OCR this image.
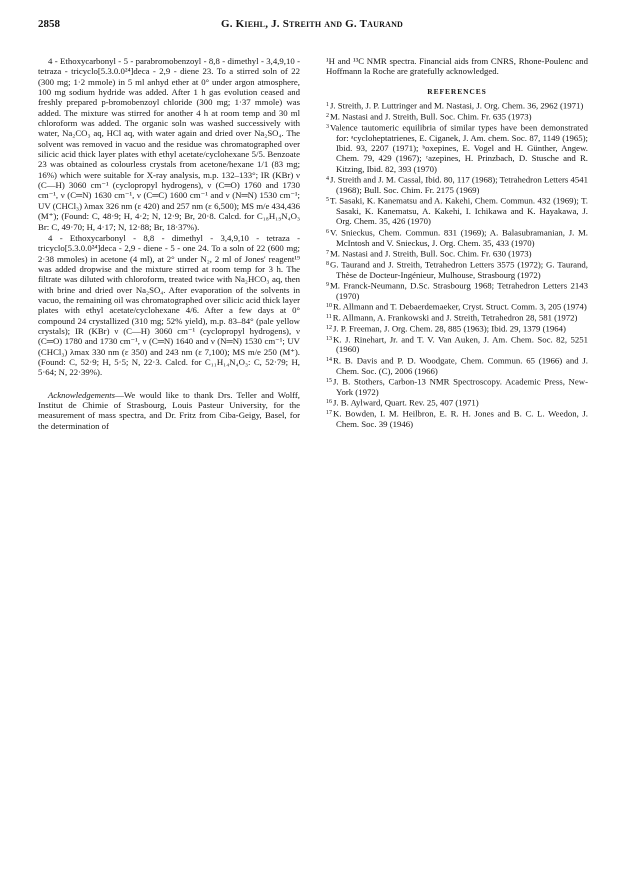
2858	G. Kiehl, J. Streith and G. Taurand

4 - Ethoxycarbonyl - 5 - parabromobenzoyl - 8,8 - dimethyl - 3,4,9,10 - tetraza - tricyclo[5.3.0.0²⁴]deca - 2,9 - diene 23. To a stirred soln of 22 (300 mg; 1·2 mmole) in 5 ml anhyd ether at 0° under argon atmosphere, 100 mg sodium hydride was added. After 1 h gas evolution ceased and freshly prepared p-bromobenzoyl chloride (300 mg; 1·37 mmole) was added. The mixture was stirred for another 4 h at room temp and 30 ml chloroform was added. The organic soln was washed successively with water, Na₂CO₃ aq, HCl aq, with water again and dried over Na₂SO₄. The solvent was removed in vacuo and the residue was chromatographed over silicic acid thick layer plates with ethyl acetate/cyclohexane 5/5. Benzoate 23 was obtained as colourless crystals from acetone/hexane 1/1 (83 mg; 16%) which were suitable for X-ray analysis, m.p. 132–133°; IR (KBr) ν (C—H) 3060 cm⁻¹ (cyclopropyl hydrogens), ν (C═O) 1760 and 1730 cm⁻¹, ν (C═N) 1630 cm⁻¹, ν (C═C) 1600 cm⁻¹ and ν (N═N) 1530 cm⁻¹; UV (CHCl₃) λmax 326 nm (ε 420) and 257 nm (ε 6,500); MS m/e 434,436 (M⁺); (Found: C, 48·9; H, 4·2; N, 12·9; Br, 20·8. Calcd. for C₁₈H₁₉N₄O₃ Br: C, 49·70; H, 4·17; N, 12·88; Br, 18·37%).

4 - Ethoxycarbonyl - 8,8 - dimethyl - 3,4,9,10 - tetraza - tricyclo[5.3.0.0²⁴]deca - 2,9 - diene - 5 - one 24. To a soln of 22 (600 mg; 2·38 mmoles) in acetone (4 ml), at 2° under N₂, 2 ml of Jones' reagent¹⁹ was added dropwise and the mixture stirred at room temp for 3 h. The filtrate was diluted with chloroform, treated twice with Na₂HCO₃ aq, then with brine and dried over Na₂SO₄. After evaporation of the solvents in vacuo, the remaining oil was chromatographed over silicic acid thick layer plates with ethyl acetate/cyclohexane 4/6. After a few days at 0° compound 24 crystallized (310 mg; 52% yield), m.p. 83–84° (pale yellow crystals); IR (KBr) ν (C—H) 3060 cm⁻¹ (cyclopropyl hydrogens), ν (C═O) 1780 and 1730 cm⁻¹, ν (C═N) 1640 and ν (N═N) 1530 cm⁻¹; UV (CHCl₃) λmax 330 nm (ε 350) and 243 nm (ε 7,100); MS m/e 250 (M⁺). (Found: C, 52·9; H, 5·5; N, 22·3. Calcd. for C₁₁H₁₄N₄O₃: C, 52·79; H, 5·64; N, 22·39%).

Acknowledgements—We would like to thank Drs. Teller and Wolff, Institut de Chimie of Strasbourg, Louis Pasteur University, for the measurement of mass spectra, and Dr. Fritz from Ciba-Geigy, Basel, for the determination of

¹H and ¹³C NMR spectra. Financial aids from CNRS, Rhone-Poulenc and Hoffmann la Roche are gratefully acknowledged.

REFERENCES
$^1$J. Streith, J. P. Luttringer and M. Nastasi, J. Org. Chem. 36, 2962 (1971)
$^2$M. Nastasi and J. Streith, Bull. Soc. Chim. Fr. 635 (1973)
$^3$Valence tautomeric equilibria of similar types have been demonstrated for: ᵃcycloheptatrienes, E. Ciganek, J. Am. chem. Soc. 87, 1149 (1965); Ibid. 93, 2207 (1971); ᵇoxepines, E. Vogel and H. Günther, Angew. Chem. 79, 429 (1967); ᶜazepines, H. Prinzbach, D. Stusche and R. Kitzing, Ibid. 82, 393 (1970)
$^4$J. Streith and J. M. Cassal, Ibid. 80, 117 (1968); Tetrahedron Letters 4541 (1968); Bull. Soc. Chim. Fr. 2175 (1969)
$^5$T. Sasaki, K. Kanematsu and A. Kakehi, Chem. Commun. 432 (1969); T. Sasaki, K. Kanematsu, A. Kakehi, I. Ichikawa and K. Hayakawa, J. Org. Chem. 35, 426 (1970)
$^6$V. Snieckus, Chem. Commun. 831 (1969); A. Balasubramanian, J. M. McIntosh and V. Snieckus, J. Org. Chem. 35, 433 (1970)
$^7$M. Nastasi and J. Streith, Bull. Soc. Chim. Fr. 630 (1973)
$^8$G. Taurand and J. Streith, Tetrahedron Letters 3575 (1972); G. Taurand, Thèse de Docteur-Ingénieur, Mulhouse, Strasbourg (1972)
$^9$M. Franck-Neumann, D.Sc. Strasbourg 1968; Tetrahedron Letters 2143 (1970)
$^{10}$R. Allmann and T. Debaerdemaeker, Cryst. Struct. Comm. 3, 205 (1974)
$^{11}$R. Allmann, A. Frankowski and J. Streith, Tetrahedron 28, 581 (1972)
$^{12}$J. P. Freeman, J. Org. Chem. 28, 885 (1963); Ibid. 29, 1379 (1964)
$^{13}$K. J. Rinehart, Jr. and T. V. Van Auken, J. Am. Chem. Soc. 82, 5251 (1960)
$^{14}$R. B. Davis and P. D. Woodgate, Chem. Commun. 65 (1966) and J. Chem. Soc. (C), 2006 (1966)
$^{15}$J. B. Stothers, Carbon-13 NMR Spectroscopy. Academic Press, New-York (1972)
$^{16}$J. B. Aylward, Quart. Rev. 25, 407 (1971)
$^{17}$K. Bowden, I. M. Heilbron, E. R. H. Jones and B. C. L. Weedon, J. Chem. Soc. 39 (1946)
